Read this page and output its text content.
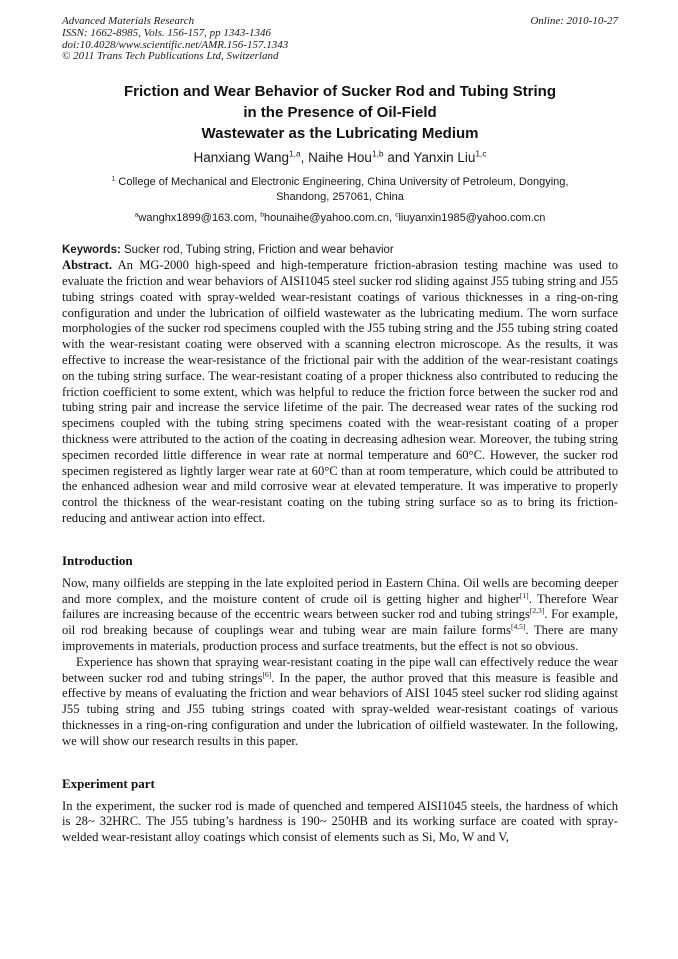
Advanced Materials Research
ISSN: 1662-8985, Vols. 156-157, pp 1343-1346
doi:10.4028/www.scientific.net/AMR.156-157.1343
© 2011 Trans Tech Publications Ltd, Switzerland
Online: 2010-10-27
Friction and Wear Behavior of Sucker Rod and Tubing String
in the Presence of Oil-Field
Wastewater as the Lubricating Medium
Hanxiang Wang$^{1,a}$, Naihe Hou$^{1,b}$ and Yanxin Liu$^{1,c}$
$^1$ College of Mechanical and Electronic Engineering, China University of Petroleum, Dongying,
Shandong, 257061, China
$^a$wanghx1899@163.com, $^b$hounaihe@yahoo.com.cn, $^c$liuyanxin1985@yahoo.com.cn
Keywords: Sucker rod, Tubing string, Friction and wear behavior

Abstract. An MG-2000 high-speed and high-temperature friction-abrasion testing machine was used to evaluate the friction and wear behaviors of AISI1045 steel sucker rod sliding against J55 tubing string and J55 tubing strings coated with spray-welded wear-resistant coatings of various thicknesses in a ring-on-ring configuration and under the lubrication of oilfield wastewater as the lubricating medium. The worn surface morphologies of the sucker rod specimens coupled with the J55 tubing string and the J55 tubing string coated with the wear-resistant coating were observed with a scanning electron microscope. As the results, it was effective to increase the wear-resistance of the frictional pair with the addition of the wear-resistant coatings on the tubing string surface. The wear-resistant coating of a proper thickness also contributed to reducing the friction coefficient to some extent, which was helpful to reduce the friction force between the sucker rod and tubing string pair and increase the service lifetime of the pair. The decreased wear rates of the sucking rod specimens coupled with the tubing string specimens coated with the wear-resistant coating of a proper thickness were attributed to the action of the coating in decreasing adhesion wear. Moreover, the tubing string specimen recorded little difference in wear rate at normal temperature and 60°C. However, the sucker rod specimen registered as lightly larger wear rate at 60°C than at room temperature, which could be attributed to the enhanced adhesion wear and mild corrosive wear at elevated temperature. It was imperative to properly control the thickness of the wear-resistant coating on the tubing string surface so as to bring its friction-reducing and antiwear action into effect.

Introduction

Now, many oilfields are stepping in the late exploited period in Eastern China. Oil wells are becoming deeper and more complex, and the moisture content of crude oil is getting higher and higher[1]. Therefore Wear failures are increasing because of the eccentric wears between sucker rod and tubing strings[2,3]. For example, oil rod breaking because of couplings wear and tubing wear are main failure forms[4,5]. There are many improvements in materials, production process and surface treatments, but the effect is not so obvious.

Experience has shown that spraying wear-resistant coating in the pipe wall can effectively reduce the wear between sucker rod and tubing strings[6]. In the paper, the author proved that this measure is feasible and effective by means of evaluating the friction and wear behaviors of AISI 1045 steel sucker rod sliding against J55 tubing string and J55 tubing strings coated with spray-welded wear-resistant coatings of various thicknesses in a ring-on-ring configuration and under the lubrication of oilfield wastewater. In the following, we will show our research results in this paper.

Experiment part

In the experiment, the sucker rod is made of quenched and tempered AISI1045 steels, the hardness of which is 28~ 32HRC. The J55 tubing’s hardness is 190~ 250HB and its working surface are coated with spray-welded wear-resistant alloy coatings which consist of elements such as Si, Mo, W and V,
